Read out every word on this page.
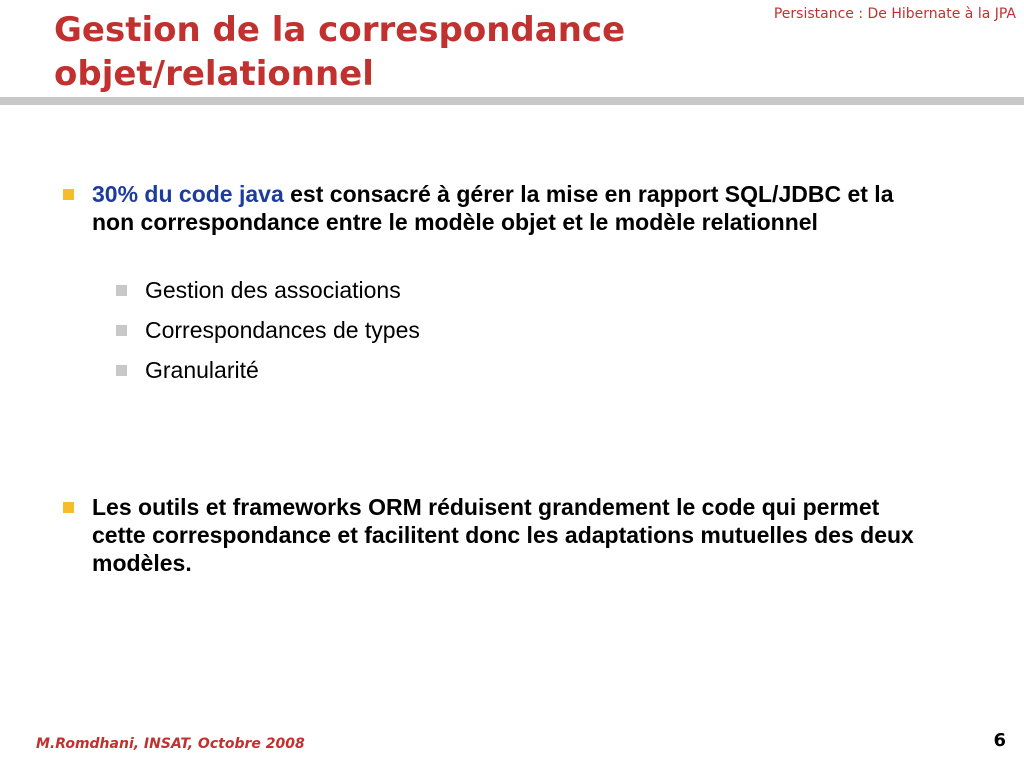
Gestion de la correspondance
objet/relationnel
Persistance : De Hibernate à la JPA
30% du code java est consacré à gérer la mise en rapport SQL/JDBC et la non correspondance entre le modèle objet et le modèle relationnel
Gestion des associations
Correspondances de types
Granularité
Les outils et frameworks ORM réduisent grandement le code qui permet cette correspondance et facilitent donc les adaptations mutuelles des deux modèles.
M.Romdhani, INSAT, Octobre 2008	6
